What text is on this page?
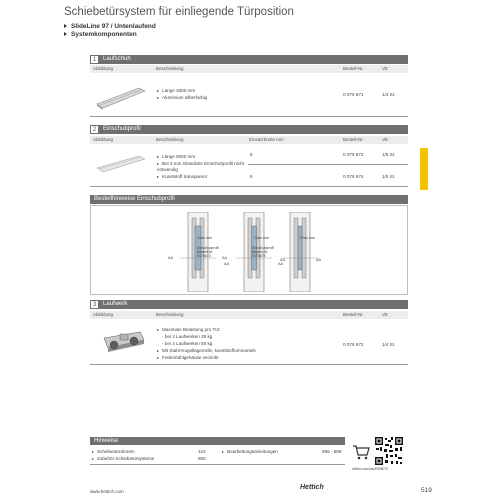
Schiebetürsystem für einliegende Türposition
SlideLine 97 / Untenlaufend
Systemkomponenten
1	Laufschuh
Abbildung	Beschreibung	Bestell-Nr.	VE
▸ Länge 4000 mm
▸ Aluminium silberfarbig
0 076 671	1/4 St.
2	Einschubprofil
Abbildung	Beschreibung	Einsatzbreite mm	Bestell-Nr.	VE
▸ Länge 5000 mm
▸ Bei 3 mm Glasdicke Einschubprofil nicht notwendig
▸ Kunststoff transparent
5	0 076 673	1/5 St.
6	0 076 674	1/5 St.
Bestellhinweise Einschubprofil
Glas mm
Einschubprofil Bestell-Nr. 0076673
AA	AA
Glas mm
Einschubprofil Bestell-Nr. 0076674
AA	AA
Glas mm
AA	AA
3	Laufwerk
Abbildung	Beschreibung	Bestell-Nr.	VE
▸ Maximale Belastung pro Tür:
- bei 2 Laufwerken 25 kg
- bei 4 Laufwerken 50 kg
▸ Mit Stahl-Kugellagerrolle, kunststoffummantelt
▸ Federstahlgehäuse verzinkt
0 076 672	1/4 St.
Hinweise
▸ Schiebetürrahmen	124
▸ Zubehör Schiebetürsysteme	500
▸ Bearbeitungsanleitungen	596 - 598
hettich.com/short/906070
www.hettich.com
Hettich	519
